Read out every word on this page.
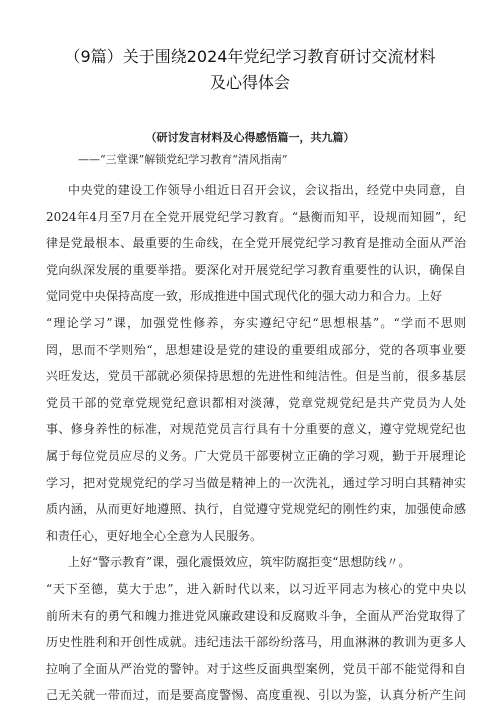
（9篇）关于围绕2024年党纪学习教育研讨交流材料
及心得体会
（研讨发言材料及心得感悟篇一，共九篇）
——“三堂课”解锁党纪学习教育“清风指南”
中央党的建设工作领导小组近日召开会议，会议指出，经党中央同意，自
2024年4月至7月在全党开展党纪学习教育。“悬衡而知平，设规而知圆”，纪
律是党最根本、最重要的生命线，在全党开展党纪学习教育是推动全面从严治
党向纵深发展的重要举措。要深化对开展党纪学习教育重要性的认识，确保自
觉同党中央保持高度一致，形成推进中国式现代化的强大动力和合力。上好
“理论学习”课，加强党性修养，夯实遵纪守纪“思想根基”。“学而不思则
罔，思而不学则殆“，思想建设是党的建设的重要组成部分，党的各项事业要
兴旺发达，党员干部就必须保持思想的先进性和纯洁性。但是当前，很多基层
党员干部的党章党规党纪意识都相对淡薄，党章党规党纪是共产党员为人处
事、修身养性的标准，对规范党员言行具有十分重要的意义，遵守党规党纪也
属于每位党员应尽的义务。广大党员干部要树立正确的学习观，勤于开展理论
学习，把对党规党纪的学习当做是精神上的一次洗礼，通过学习明白其精神实
质内涵，从而更好地遵照、执行，自觉遵守党规党纪的刚性约束，加强使命感
和责任心，更好地全心全意为人民服务。
上好“警示教育”课，强化震慑效应，筑牢防腐拒变“思想防线〃。
“天下至德，莫大于忠”，进入新时代以来，以习近平同志为核心的党中央以
前所未有的勇气和魄力推进党风廉政建设和反腐败斗争，全面从严治党取得了
历史性胜利和开创性成就。违纪违法干部纷纷落马，用血淋淋的教训为更多人
拉响了全面从严治党的警钟。对于这些反面典型案例，党员干部不能觉得和自
己无关就一带而过，而是要高度警惕、高度重视、引以为鉴，认真分析产生问
